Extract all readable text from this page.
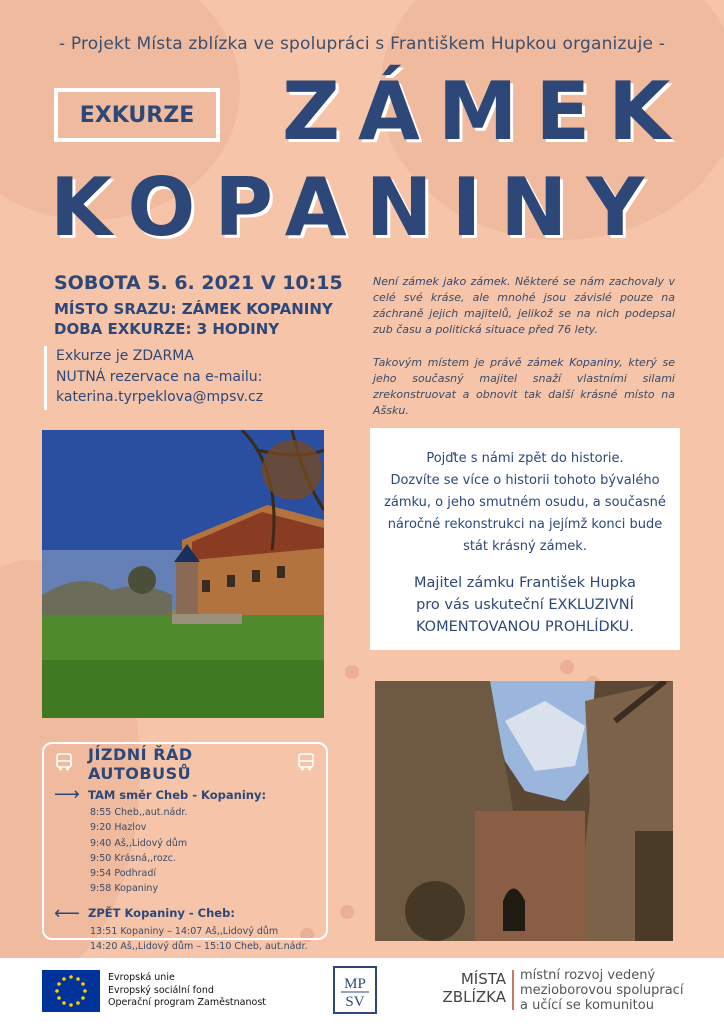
- Projekt Místa zblízka ve spolupráci s Františkem Hupkou organizuje -
EXKURZE	ZÁMEK
KOPANINY
SOBOTA 5. 6. 2021 V 10:15
MÍSTO SRAZU: ZÁMEK KOPANINY
DOBA EXKURZE: 3 HODINY
Exkurze je ZDARMA
NUTNÁ rezervace na e-mailu:
katerina.tyrpeklova@mpsv.cz

Není zámek jako zámek. Některé se nám zachovaly v celé své kráse, ale mnohé jsou závislé pouze na záchraně jejich majitelů, jelikož se na nich podepsal zub času a politická situace před 76 lety.

Takovým místem je právě zámek Kopaniny, který se jeho současný majitel snaží vlastními silami zrekonstruovat a obnovit tak další krásné místo na Ašsku.

Pojďte s námi zpět do historie.
Dozvíte se více o historii tohoto bývalého
zámku, o jeho smutném osudu, a současné
náročné rekonstrukci na jejímž konci bude
stát krásný zámek.
Majitel zámku František Hupka
pro vás uskuteční EXKLUZIVNÍ
KOMENTOVANOU PROHLÍDKU.
JÍZDNÍ ŘÁD AUTOBUSŮ
⟶ TAM směr Cheb - Kopaniny:
8:55 Cheb,,aut.nádr.
9:20 Hazlov
9:40 Aš,,Lidový dům
9:50 Krásná,,rozc.
9:54 Podhradí
9:58 Kopaniny
⟵ ZPĚT Kopaniny - Cheb:
13:51 Kopaniny – 14:07 Aš,,Lidový dům
14:20 Aš,,Lidový dům – 15:10 Cheb, aut.nádr.
Evropská unie
Evropský sociální fond
Operační program Zaměstnanost
MP
SV
MÍSTA
ZBLÍZKA
místní rozvoj vedený
mezioborovou spoluprací
a učící se komunitou
